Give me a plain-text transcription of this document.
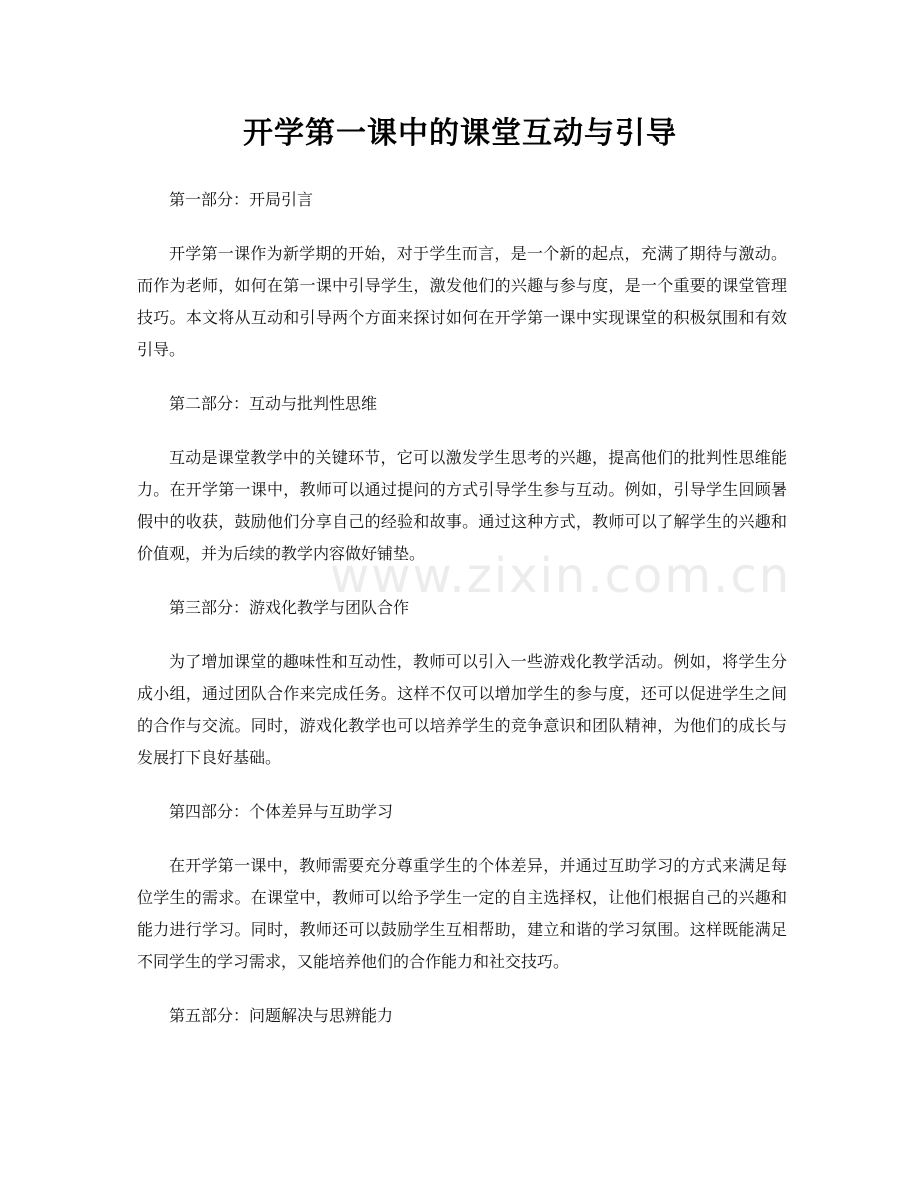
开学第一课中的课堂互动与引导

第一部分：开局引言

开学第一课作为新学期的开始，对于学生而言，是一个新的起点，充满了期待与激动。而作为老师，如何在第一课中引导学生，激发他们的兴趣与参与度，是一个重要的课堂管理技巧。本文将从互动和引导两个方面来探讨如何在开学第一课中实现课堂的积极氛围和有效引导。

第二部分：互动与批判性思维

互动是课堂教学中的关键环节，它可以激发学生思考的兴趣，提高他们的批判性思维能力。在开学第一课中，教师可以通过提问的方式引导学生参与互动。例如，引导学生回顾暑假中的收获，鼓励他们分享自己的经验和故事。通过这种方式，教师可以了解学生的兴趣和价值观，并为后续的教学内容做好铺垫。

第三部分：游戏化教学与团队合作

为了增加课堂的趣味性和互动性，教师可以引入一些游戏化教学活动。例如，将学生分成小组，通过团队合作来完成任务。这样不仅可以增加学生的参与度，还可以促进学生之间的合作与交流。同时，游戏化教学也可以培养学生的竞争意识和团队精神，为他们的成长与发展打下良好基础。

第四部分：个体差异与互助学习

在开学第一课中，教师需要充分尊重学生的个体差异，并通过互助学习的方式来满足每位学生的需求。在课堂中，教师可以给予学生一定的自主选择权，让他们根据自己的兴趣和能力进行学习。同时，教师还可以鼓励学生互相帮助，建立和谐的学习氛围。这样既能满足不同学生的学习需求，又能培养他们的合作能力和社交技巧。

第五部分：问题解决与思辨能力

www.zixin.com.cn
